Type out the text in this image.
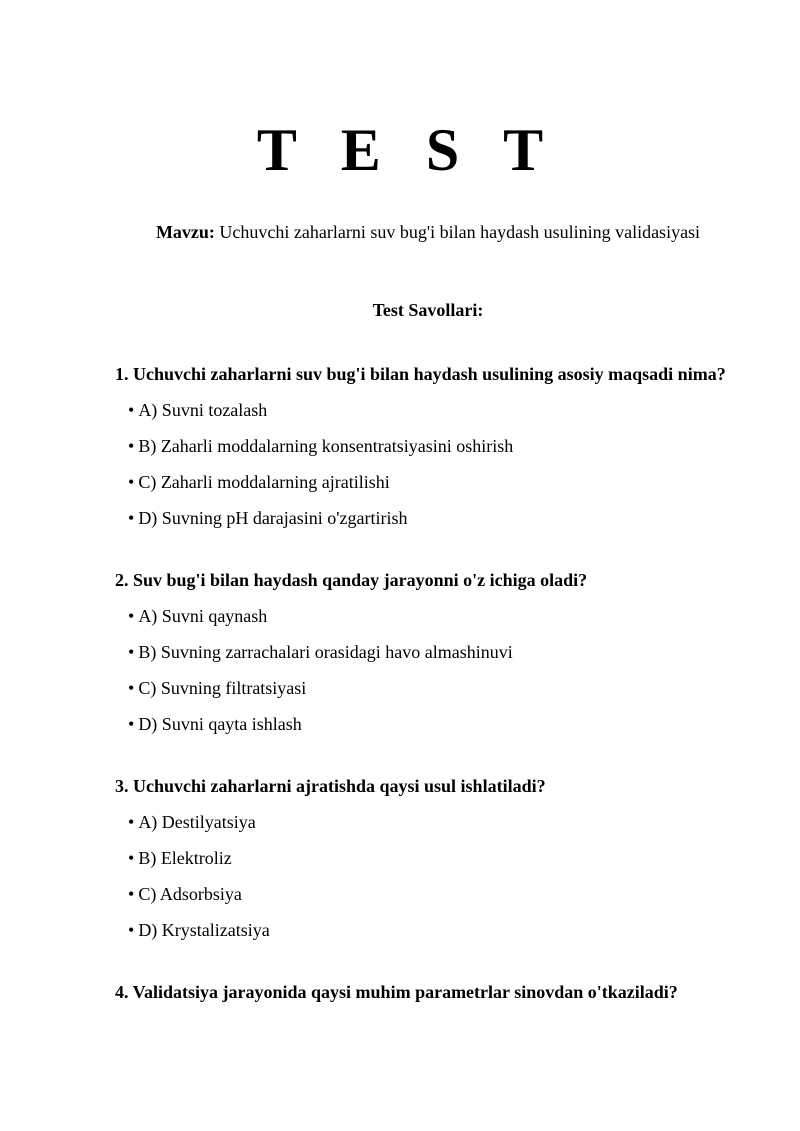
T E S T
Mavzu: Uchuvchi zaharlarni suv bug'i bilan haydash usulining validasiyasi
Test Savollari:
1. Uchuvchi zaharlarni suv bug'i bilan haydash usulining asosiy maqsadi nima?
• A) Suvni tozalash
• B) Zaharli moddalarning konsentratsiyasini oshirish
• C) Zaharli moddalarning ajratilishi
• D) Suvning pH darajasini o'zgartirish
2. Suv bug'i bilan haydash qanday jarayonni o'z ichiga oladi?
• A) Suvni qaynash
• B) Suvning zarrachalari orasidagi havo almashinuvi
• C) Suvning filtratsiyasi
• D) Suvni qayta ishlash
3. Uchuvchi zaharlarni ajratishda qaysi usul ishlatiladi?
• A) Destilyatsiya
• B) Elektroliz
• C) Adsorbsiya
• D) Krystalizatsiya
4. Validatsiya jarayonida qaysi muhim parametrlar sinovdan o'tkaziladi?
